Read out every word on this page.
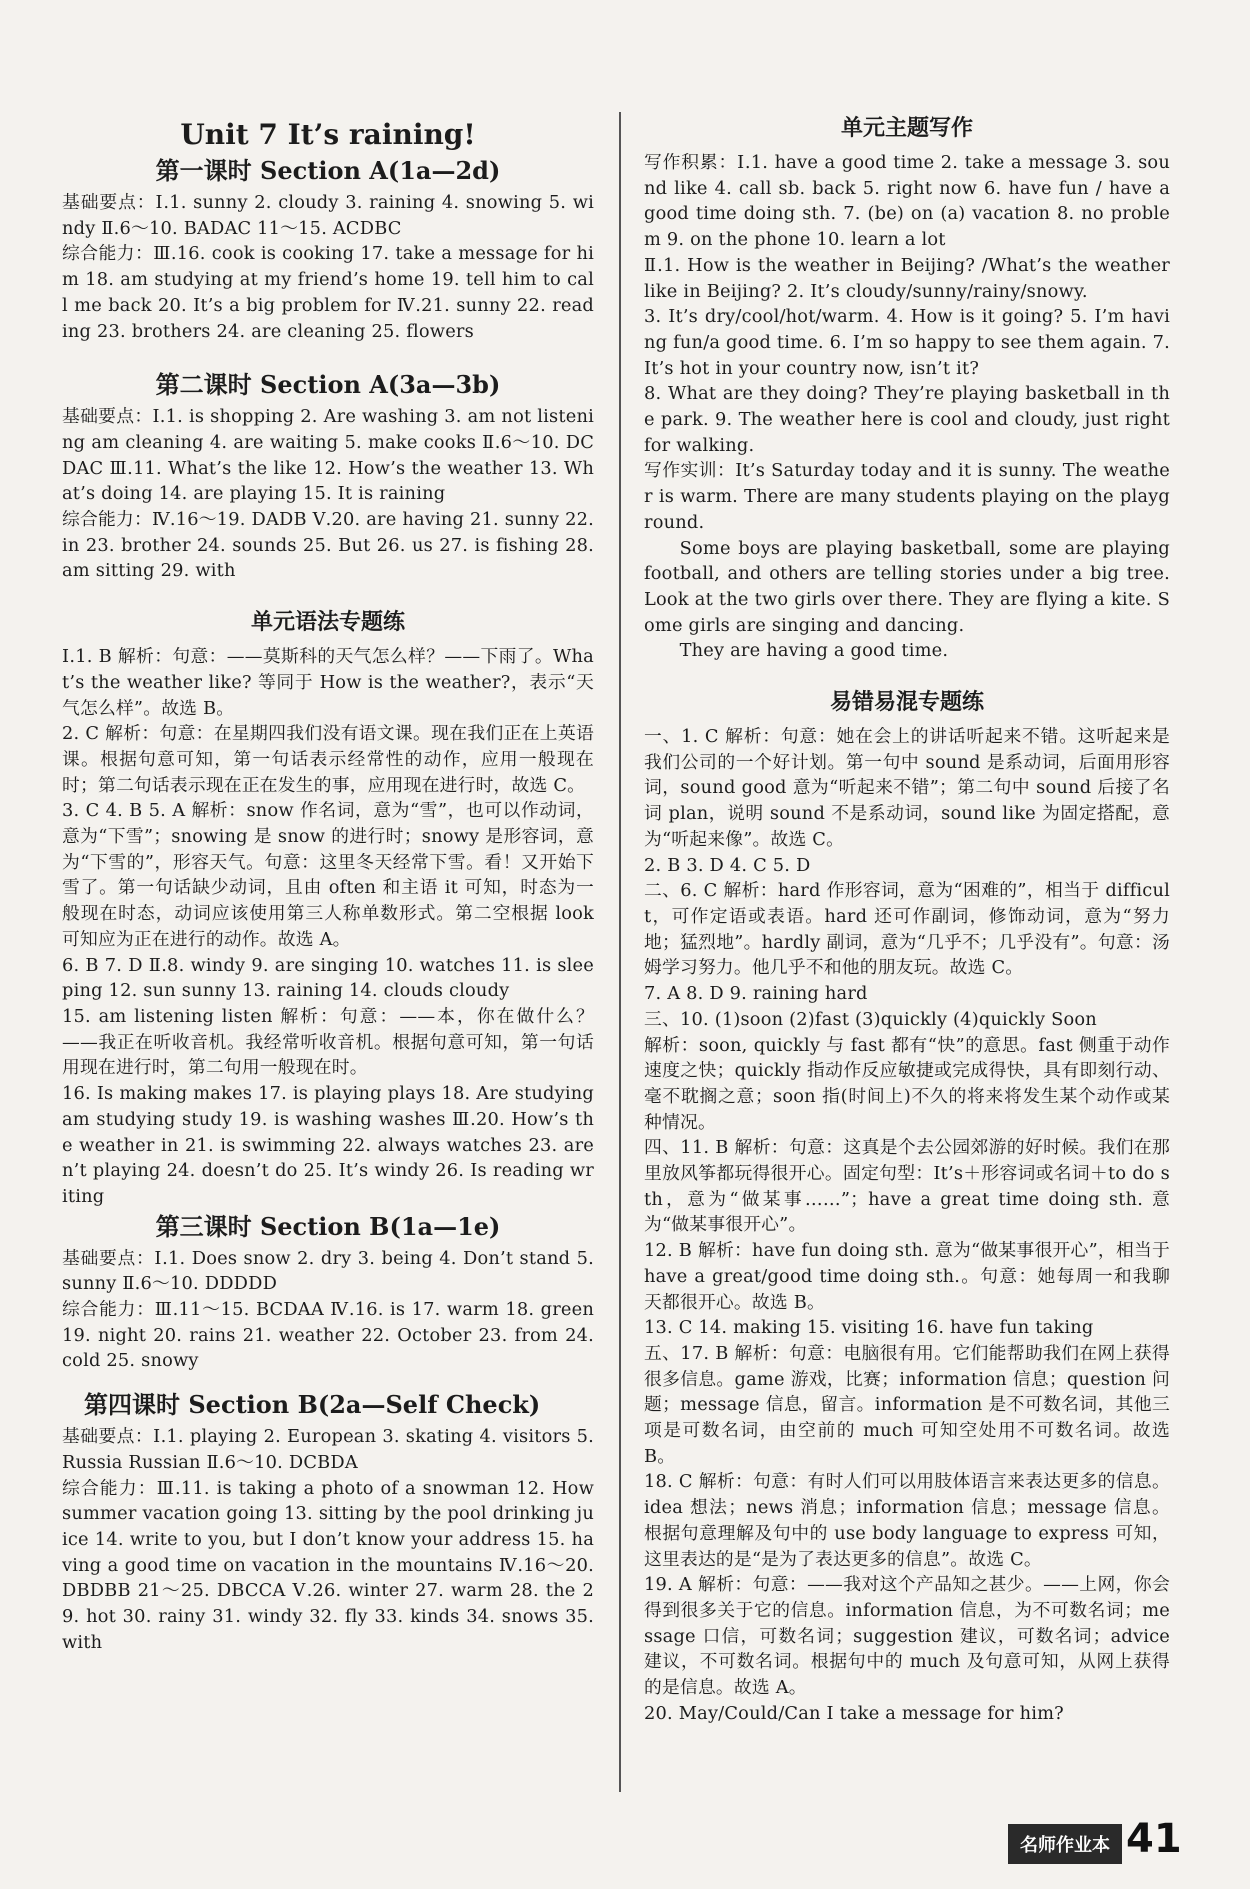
Unit 7 It’s raining!
第一课时 Section A(1a—2d)

基础要点：Ⅰ.1. sunny 2. cloudy 3. raining 4. snowing 5. windy Ⅱ.6～10. BADAC 11～15. ACDBC

综合能力：Ⅲ.16. cook is cooking 17. take a message for him 18. am studying at my friend’s home 19. tell him to call me back 20. It’s a big problem for Ⅳ.21. sunny 22. reading 23. brothers 24. are cleaning 25. flowers

第二课时 Section A(3a—3b)

基础要点：Ⅰ.1. is shopping 2. Are washing 3. am not listening am cleaning 4. are waiting 5. make cooks Ⅱ.6～10. DCDAC Ⅲ.11. What’s the like 12. How’s the weather 13. What’s doing 14. are playing 15. It is raining

综合能力：Ⅳ.16～19. DADB Ⅴ.20. are having 21. sunny 22. in 23. brother 24. sounds 25. But 26. us 27. is fishing 28. am sitting 29. with

单元语法专题练

Ⅰ.1. B 解析：句意：——莫斯科的天气怎么样？——下雨了。What’s the weather like? 等同于 How is the weather?，表示“天气怎么样”。故选 B。

2. C 解析：句意：在星期四我们没有语文课。现在我们正在上英语课。根据句意可知，第一句话表示经常性的动作，应用一般现在时；第二句话表示现在正在发生的事，应用现在进行时，故选 C。

3. C 4. B 5. A 解析：snow 作名词，意为“雪”，也可以作动词，意为“下雪”；snowing 是 snow 的进行时；snowy 是形容词，意为“下雪的”，形容天气。句意：这里冬天经常下雪。看！又开始下雪了。第一句话缺少动词，且由 often 和主语 it 可知，时态为一般现在时态，动词应该使用第三人称单数形式。第二空根据 look 可知应为正在进行的动作。故选 A。

6. B 7. D Ⅱ.8. windy 9. are singing 10. watches 11. is sleeping 12. sun sunny 13. raining 14. clouds cloudy

15. am listening listen 解析：句意：——本，你在做什么？——我正在听收音机。我经常听收音机。根据句意可知，第一句话用现在进行时，第二句用一般现在时。

16. Is making makes 17. is playing plays 18. Are studying am studying study 19. is washing washes Ⅲ.20. How’s the weather in 21. is swimming 22. always watches 23. aren’t playing 24. doesn’t do 25. It’s windy 26. Is reading writing

第三课时 Section B(1a—1e)

基础要点：Ⅰ.1. Does snow 2. dry 3. being 4. Don’t stand 5. sunny Ⅱ.6～10. DDDDD

综合能力：Ⅲ.11～15. BCDAA Ⅳ.16. is 17. warm 18. green 19. night 20. rains 21. weather 22. October 23. from 24. cold 25. snowy

第四课时 Section B(2a—Self Check)

基础要点：Ⅰ.1. playing 2. European 3. skating 4. visitors 5. Russia Russian Ⅱ.6～10. DCBDA

综合能力：Ⅲ.11. is taking a photo of a snowman 12. How summer vacation going 13. sitting by the pool drinking juice 14. write to you, but I don’t know your address 15. having a good time on vacation in the mountains Ⅳ.16～20. DBDBB 21～25. DBCCA Ⅴ.26. winter 27. warm 28. the 29. hot 30. rainy 31. windy 32. fly 33. kinds 34. snows 35. with

单元主题写作

写作积累：Ⅰ.1. have a good time 2. take a message 3. sound like 4. call sb. back 5. right now 6. have fun / have a good time doing sth. 7. (be) on (a) vacation 8. no problem 9. on the phone 10. learn a lot

Ⅱ.1. How is the weather in Beijing? /What’s the weather like in Beijing? 2. It’s cloudy/sunny/rainy/snowy.

3. It’s dry/cool/hot/warm. 4. How is it going? 5. I’m having fun/a good time. 6. I’m so happy to see them again. 7. It’s hot in your country now, isn’t it?

8. What are they doing? They’re playing basketball in the park. 9. The weather here is cool and cloudy, just right for walking.

写作实训：It’s Saturday today and it is sunny. The weather is warm. There are many students playing on the playground.

Some boys are playing basketball, some are playing football, and others are telling stories under a big tree. Look at the two girls over there. They are flying a kite. Some girls are singing and dancing.

They are having a good time.

易错易混专题练

一、1. C 解析：句意：她在会上的讲话听起来不错。这听起来是我们公司的一个好计划。第一句中 sound 是系动词，后面用形容词，sound good 意为“听起来不错”；第二句中 sound 后接了名词 plan，说明 sound 不是系动词，sound like 为固定搭配，意为“听起来像”。故选 C。

2. B 3. D 4. C 5. D

二、6. C 解析：hard 作形容词，意为“困难的”，相当于 difficult，可作定语或表语。hard 还可作副词，修饰动词，意为“努力地；猛烈地”。hardly 副词，意为“几乎不；几乎没有”。句意：汤姆学习努力。他几乎不和他的朋友玩。故选 C。

7. A 8. D 9. raining hard

三、10. (1)soon (2)fast (3)quickly (4)quickly Soon

解析：soon, quickly 与 fast 都有“快”的意思。fast 侧重于动作速度之快；quickly 指动作反应敏捷或完成得快，具有即刻行动、毫不耽搁之意；soon 指(时间上)不久的将来将发生某个动作或某种情况。

四、11. B 解析：句意：这真是个去公园郊游的好时候。我们在那里放风筝都玩得很开心。固定句型：It’s＋形容词或名词＋to do sth，意为“做某事……”；have a great time doing sth. 意为“做某事很开心”。

12. B 解析：have fun doing sth. 意为“做某事很开心”，相当于 have a great/good time doing sth.。句意：她每周一和我聊天都很开心。故选 B。

13. C 14. making 15. visiting 16. have fun taking

五、17. B 解析：句意：电脑很有用。它们能帮助我们在网上获得很多信息。game 游戏，比赛；information 信息；question 问题；message 信息，留言。information 是不可数名词，其他三项是可数名词，由空前的 much 可知空处用不可数名词。故选 B。

18. C 解析：句意：有时人们可以用肢体语言来表达更多的信息。idea 想法；news 消息；information 信息；message 信息。根据句意理解及句中的 use body language to express 可知，这里表达的是“是为了表达更多的信息”。故选 C。

19. A 解析：句意：——我对这个产品知之甚少。——上网，你会得到很多关于它的信息。information 信息，为不可数名词；message 口信，可数名词；suggestion 建议，可数名词；advice 建议，不可数名词。根据句中的 much 及句意可知，从网上获得的是信息。故选 A。

20. May/Could/Can I take a message for him?

名师作业本 41
